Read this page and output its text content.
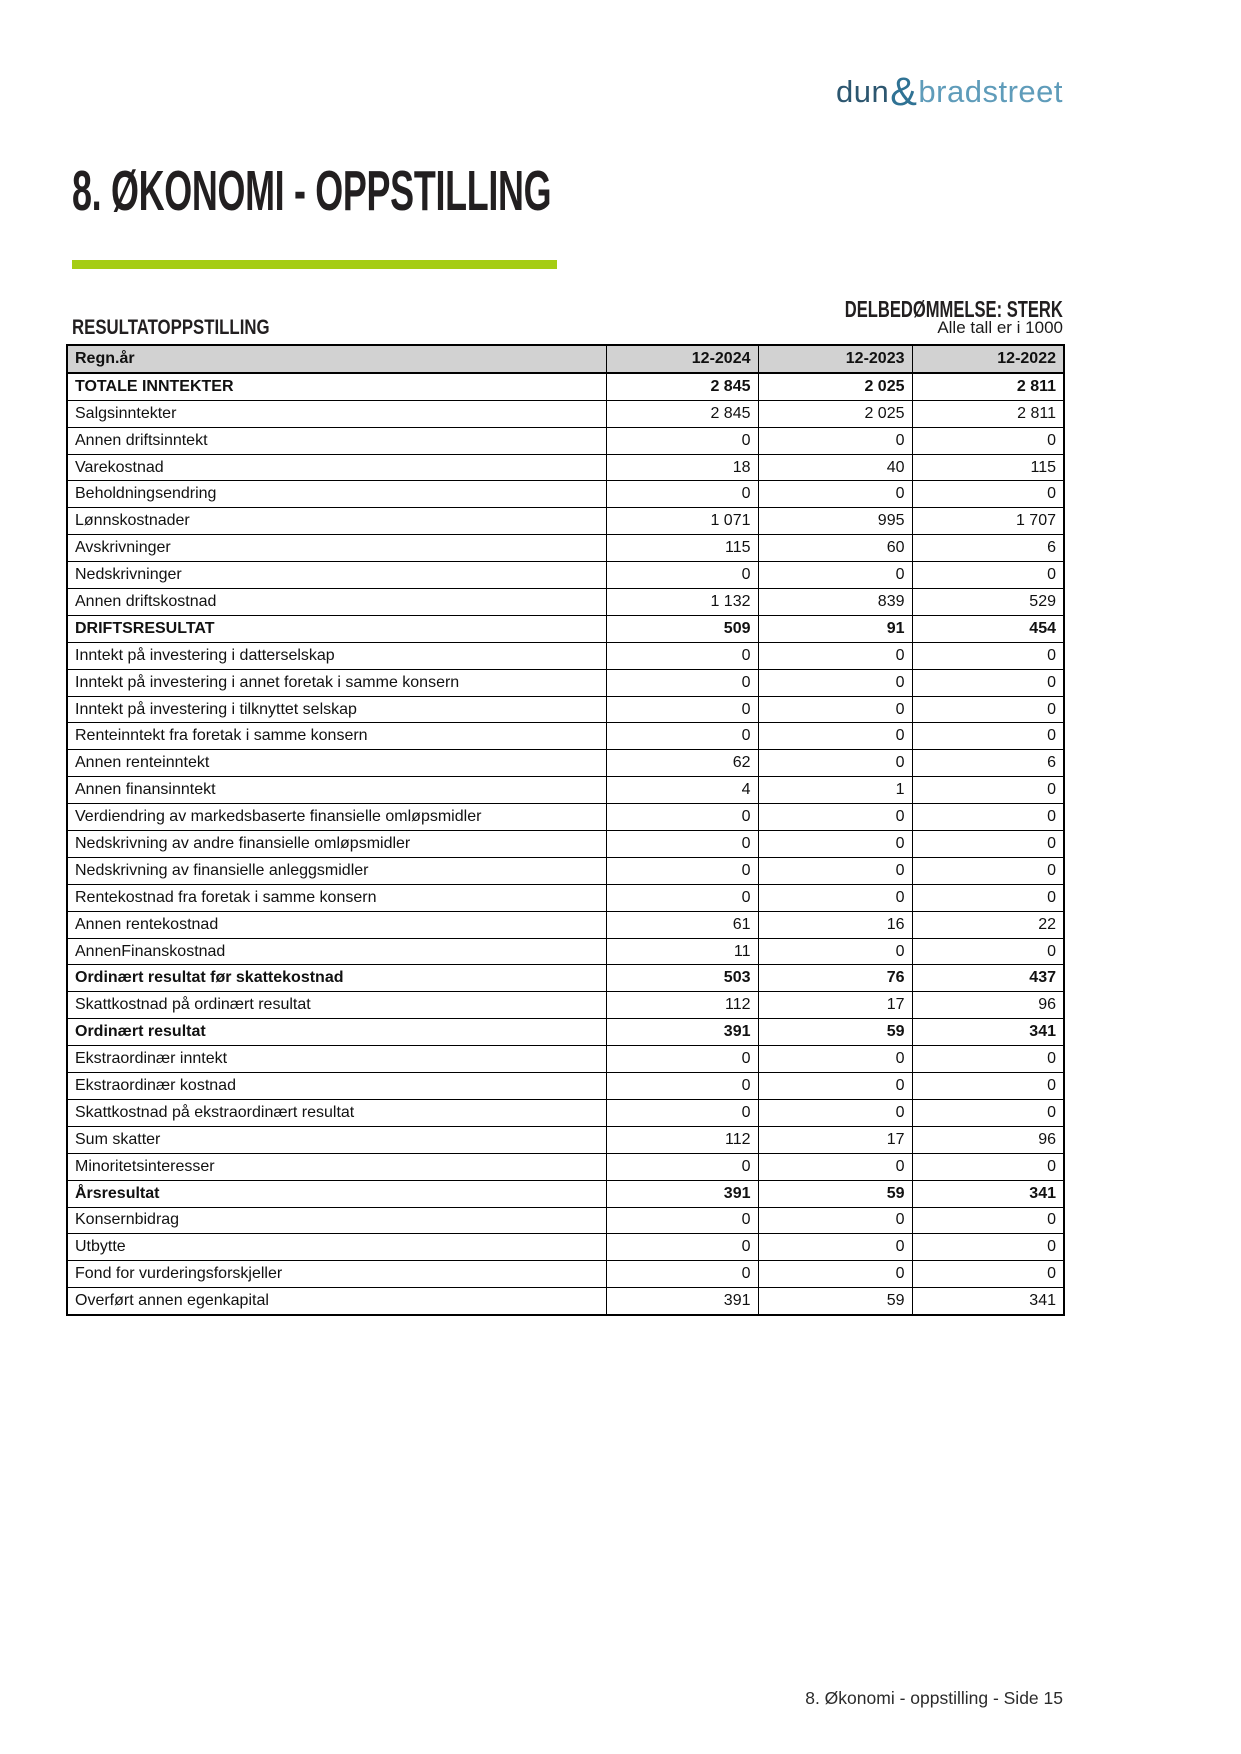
dun&bradstreet
8. ØKONOMI - OPPSTILLING
DELBEDØMMELSE: STERK
RESULTATOPPSTILLING	Alle tall er i 1000
Regn.år	12-2024	12-2023	12-2022
TOTALE INNTEKTER	2 845	2 025	2 811
Salgsinntekter	2 845	2 025	2 811
Annen driftsinntekt	0	0	0
Varekostnad	18	40	115
Beholdningsendring	0	0	0
Lønnskostnader	1 071	995	1 707
Avskrivninger	115	60	6
Nedskrivninger	0	0	0
Annen driftskostnad	1 132	839	529
DRIFTSRESULTAT	509	91	454
Inntekt på investering i datterselskap	0	0	0
Inntekt på investering i annet foretak i samme konsern	0	0	0
Inntekt på investering i tilknyttet selskap	0	0	0
Renteinntekt fra foretak i samme konsern	0	0	0
Annen renteinntekt	62	0	6
Annen finansinntekt	4	1	0
Verdiendring av markedsbaserte finansielle omløpsmidler	0	0	0
Nedskrivning av andre finansielle omløpsmidler	0	0	0
Nedskrivning av finansielle anleggsmidler	0	0	0
Rentekostnad fra foretak i samme konsern	0	0	0
Annen rentekostnad	61	16	22
AnnenFinanskostnad	11	0	0
Ordinært resultat før skattekostnad	503	76	437
Skattkostnad på ordinært resultat	112	17	96
Ordinært resultat	391	59	341
Ekstraordinær inntekt	0	0	0
Ekstraordinær kostnad	0	0	0
Skattkostnad på ekstraordinært resultat	0	0	0
Sum skatter	112	17	96
Minoritetsinteresser	0	0	0
Årsresultat	391	59	341
Konsernbidrag	0	0	0
Utbytte	0	0	0
Fond for vurderingsforskjeller	0	0	0
Overført annen egenkapital	391	59	341
8. Økonomi - oppstilling - Side 15
